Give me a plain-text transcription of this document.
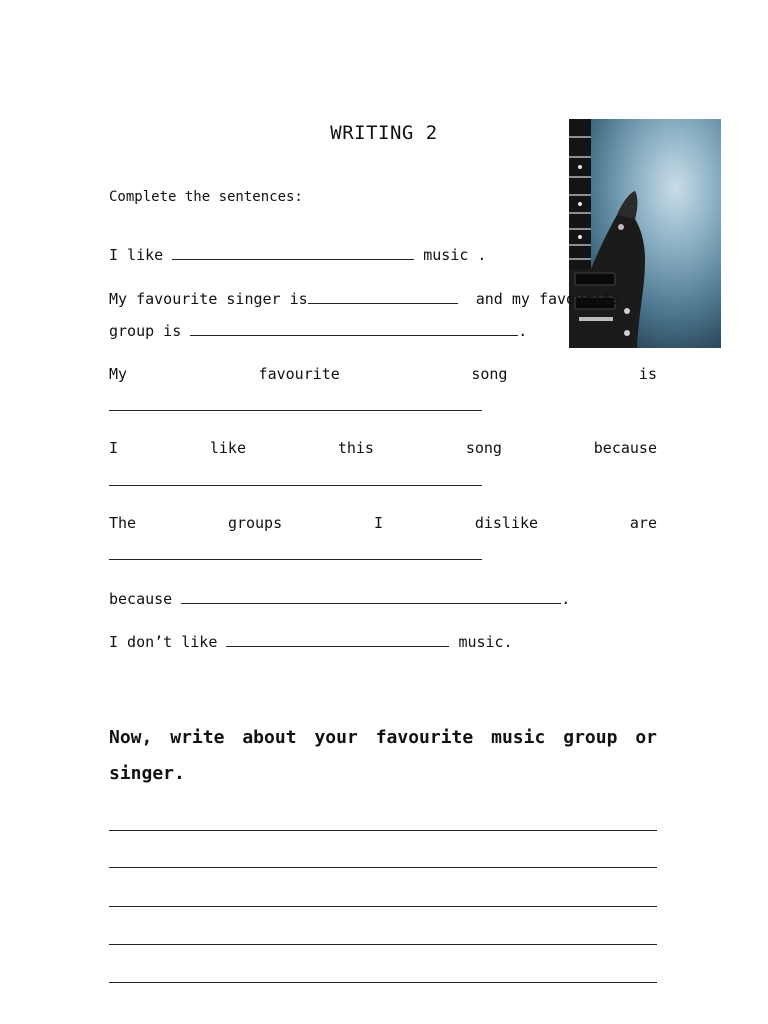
WRITING 2
Complete the sentences:
I like	music .
My favourite singer is	and my favourite
group is	.
My	favourite	song	is
I	like	this	song	because
The	groups	I	dislike	are
because	.
I don’t like	music.
Now, write about your favourite music group or singer.
